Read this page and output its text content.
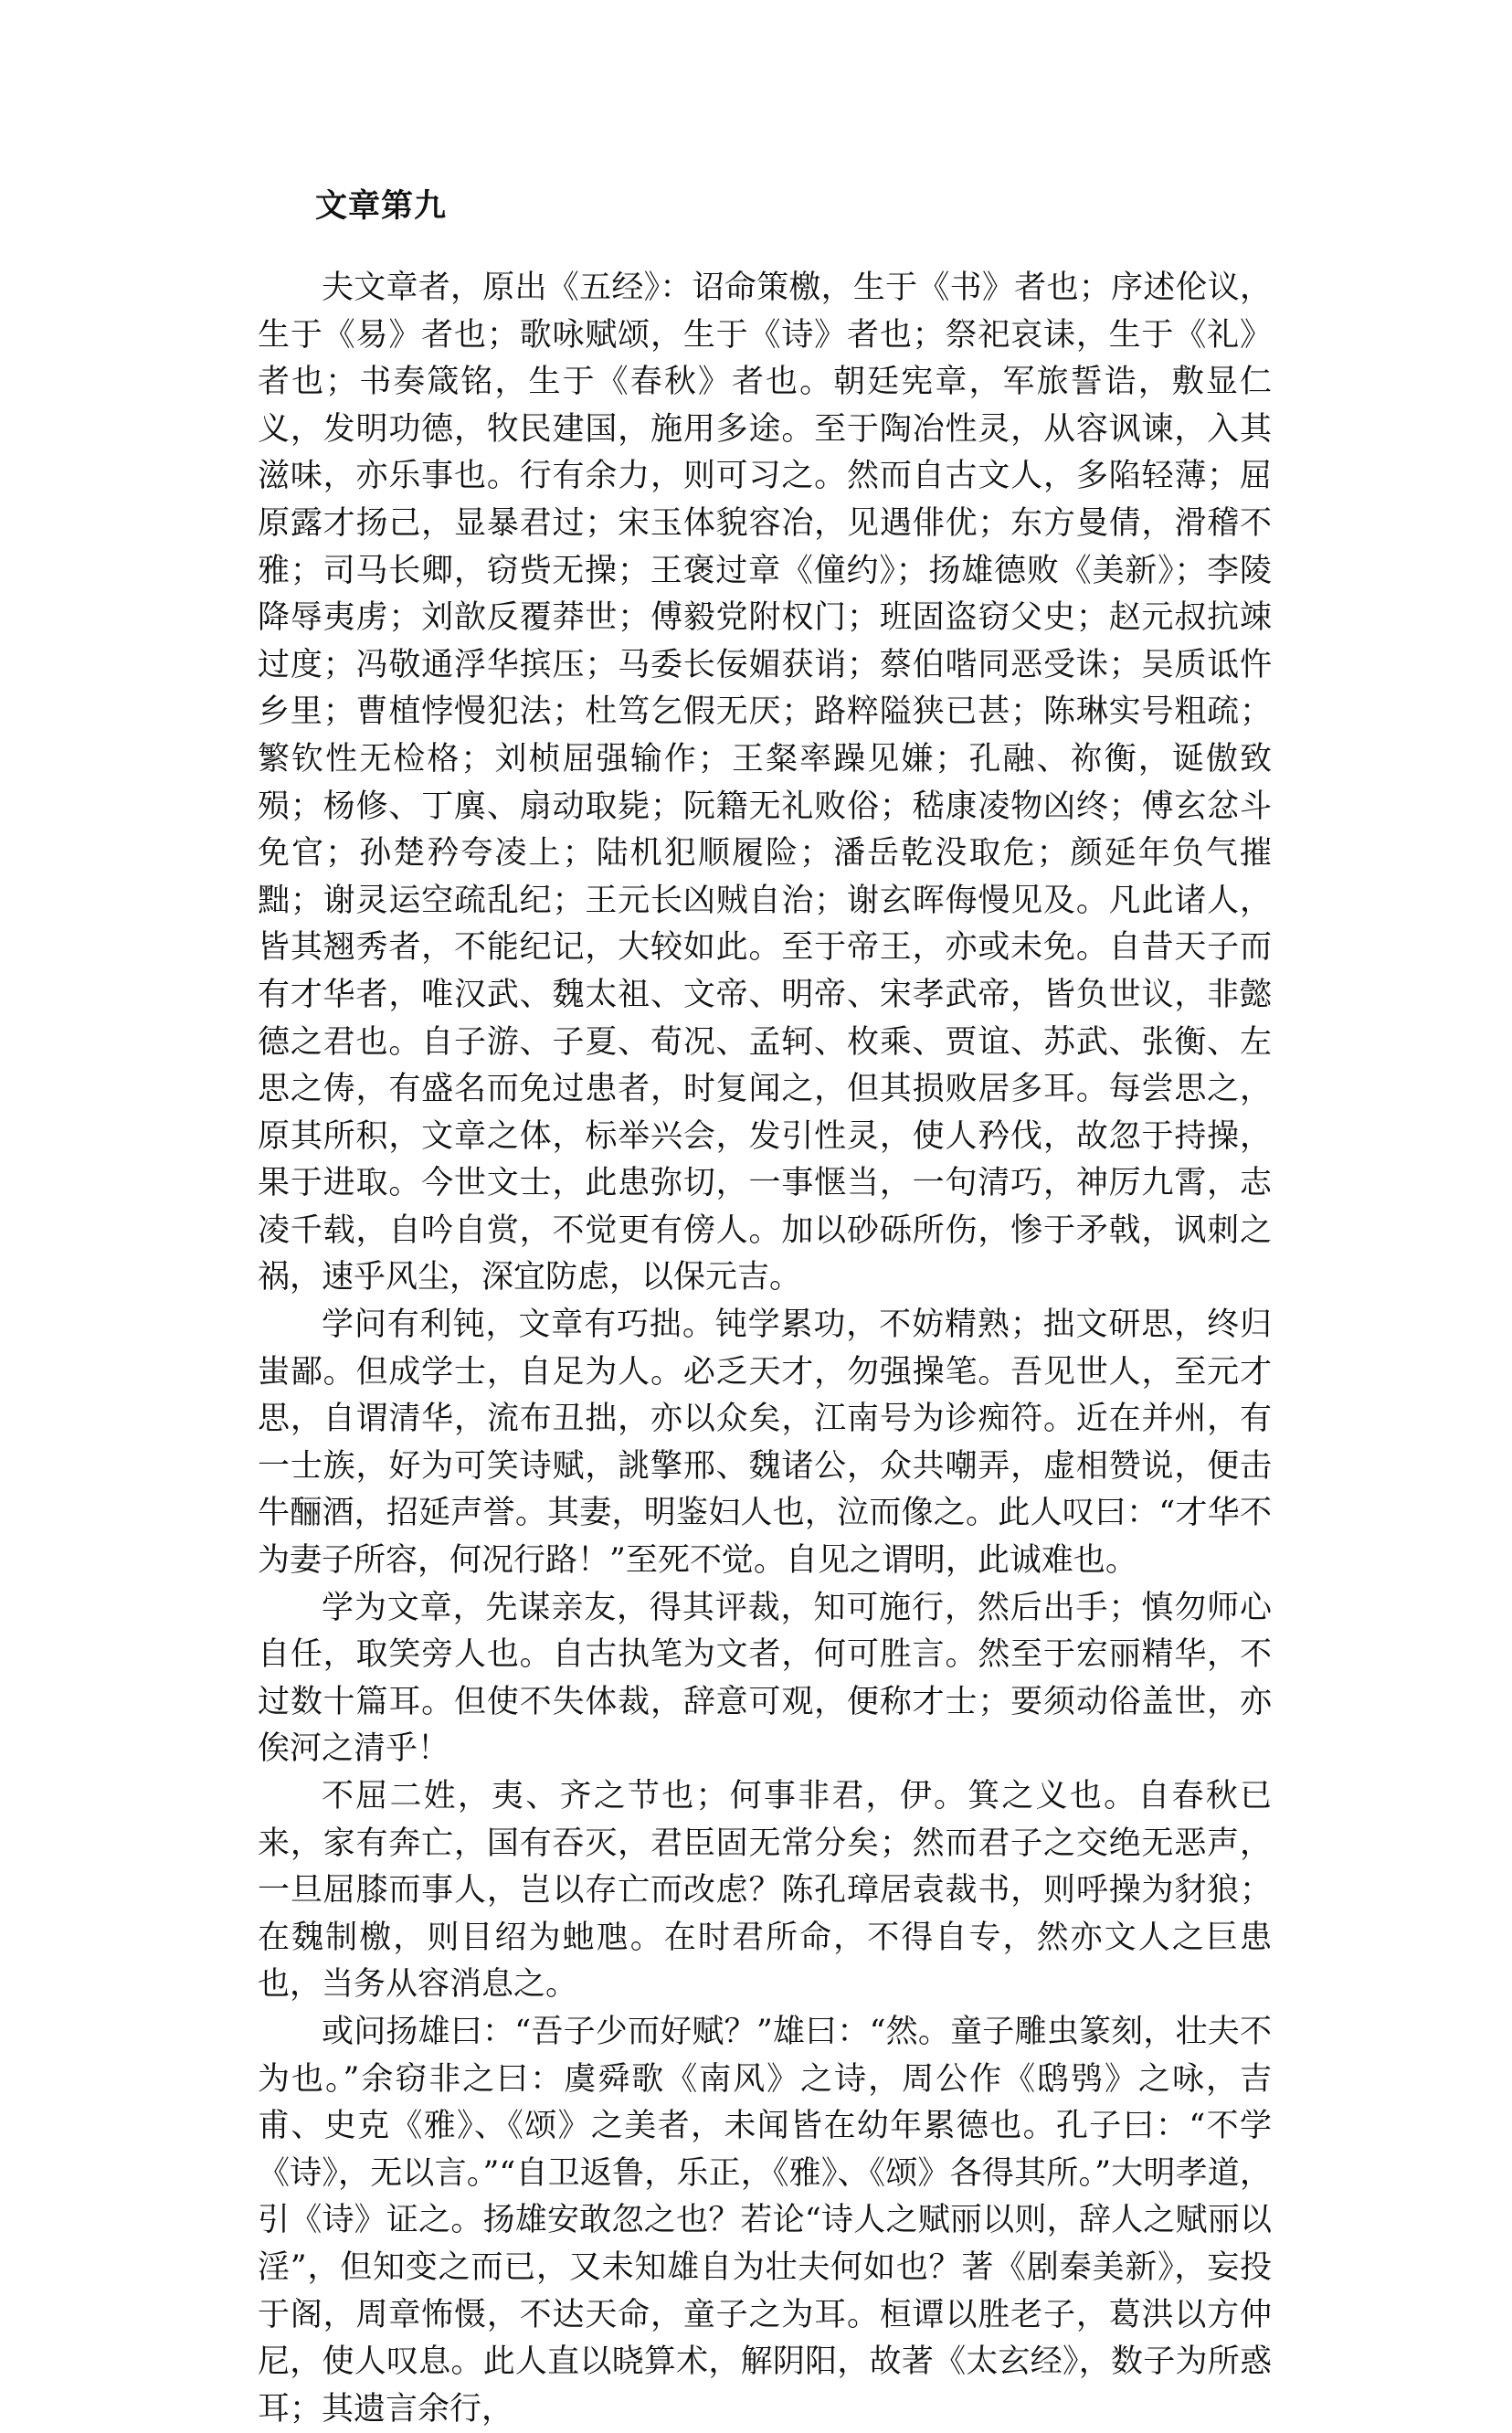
文章第九

夫文章者，原出《五经》：诏命策檄，生于《书》者也；序述伦议，生于《易》者也；歌咏赋颂，生于《诗》者也；祭祀哀诔，生于《礼》者也；书奏箴铭，生于《春秋》者也。朝廷宪章，军旅誓诰，敷显仁义，发明功德，牧民建国，施用多途。至于陶冶性灵，从容讽谏，入其滋味，亦乐事也。行有余力，则可习之。然而自古文人，多陷轻薄；屈原露才扬己，显暴君过；宋玉体貌容冶，见遇俳优；东方曼倩，滑稽不雅；司马长卿，窃赀无操；王褒过章《僮约》；扬雄德败《美新》；李陵降辱夷虏；刘歆反覆莽世；傅毅党附权门；班固盗窃父史；赵元叔抗竦过度；冯敬通浮华摈压；马委长佞媚获诮；蔡伯喈同恶受诛；吴质诋忤乡里；曹植悖慢犯法；杜笃乞假无厌；路粹隘狭已甚；陈琳实号粗疏；繁钦性无检格；刘桢屈强输作；王粲率躁见嫌；孔融、祢衡，诞傲致殒；杨修、丁廙、扇动取毙；阮籍无礼败俗；嵇康凌物凶终；傅玄忿斗免官；孙楚矜夸凌上；陆机犯顺履险；潘岳乾没取危；颜延年负气摧黜；谢灵运空疏乱纪；王元长凶贼自治；谢玄晖侮慢见及。凡此诸人，皆其翘秀者，不能纪记，大较如此。至于帝王，亦或未免。自昔天子而有才华者，唯汉武、魏太祖、文帝、明帝、宋孝武帝，皆负世议，非懿德之君也。自子游、子夏、荀况、孟轲、枚乘、贾谊、苏武、张衡、左思之俦，有盛名而免过患者，时复闻之，但其损败居多耳。每尝思之，原其所积，文章之体，标举兴会，发引性灵，使人矜伐，故忽于持操，果于进取。今世文士，此患弥切，一事惬当，一句清巧，神厉九霄，志凌千载，自吟自赏，不觉更有傍人。加以砂砾所伤，惨于矛戟，讽刺之祸，速乎风尘，深宜防虑，以保元吉。

学问有利钝，文章有巧拙。钝学累功，不妨精熟；拙文研思，终归蚩鄙。但成学士，自足为人。必乏天才，勿强操笔。吾见世人，至元才思，自谓清华，流布丑拙，亦以众矣，江南号为诊痴符。近在并州，有一士族，好为可笑诗赋，誂擎邢、魏诸公，众共嘲弄，虚相赞说，便击牛酾酒，招延声誉。其妻，明鉴妇人也，泣而像之。此人叹曰：“才华不为妻子所容，何况行路！”至死不觉。自见之谓明，此诚难也。

学为文章，先谋亲友，得其评裁，知可施行，然后出手；慎勿师心自任，取笑旁人也。自古执笔为文者，何可胜言。然至于宏丽精华，不过数十篇耳。但使不失体裁，辞意可观，便称才士；要须动俗盖世，亦俟河之清乎！

不屈二姓，夷、齐之节也；何事非君，伊。箕之义也。自春秋已来，家有奔亡，国有吞灭，君臣固无常分矣；然而君子之交绝无恶声，一旦屈膝而事人，岂以存亡而改虑？陈孔璋居袁裁书，则呼操为豺狼；在魏制檄，则目绍为虵虺。在时君所命，不得自专，然亦文人之巨患也，当务从容消息之。

或问扬雄曰：“吾子少而好赋？”雄曰：“然。童子雕虫篆刻，壮夫不为也。”余窃非之曰：虞舜歌《南风》之诗，周公作《鸱鸮》之咏，吉甫、史克《雅》、《颂》之美者，未闻皆在幼年累德也。孔子曰：“不学《诗》，无以言。”“自卫返鲁，乐正，《雅》、《颂》各得其所。”大明孝道，引《诗》证之。扬雄安敢忽之也？若论“诗人之赋丽以则，辞人之赋丽以淫”，但知变之而已，又未知雄自为壮夫何如也？著《剧秦美新》，妄投于阁，周章怖慑，不达天命，童子之为耳。桓谭以胜老子，葛洪以方仲尼，使人叹息。此人直以晓算术，解阴阳，故著《太玄经》，数子为所惑耳；其遗言余行，
